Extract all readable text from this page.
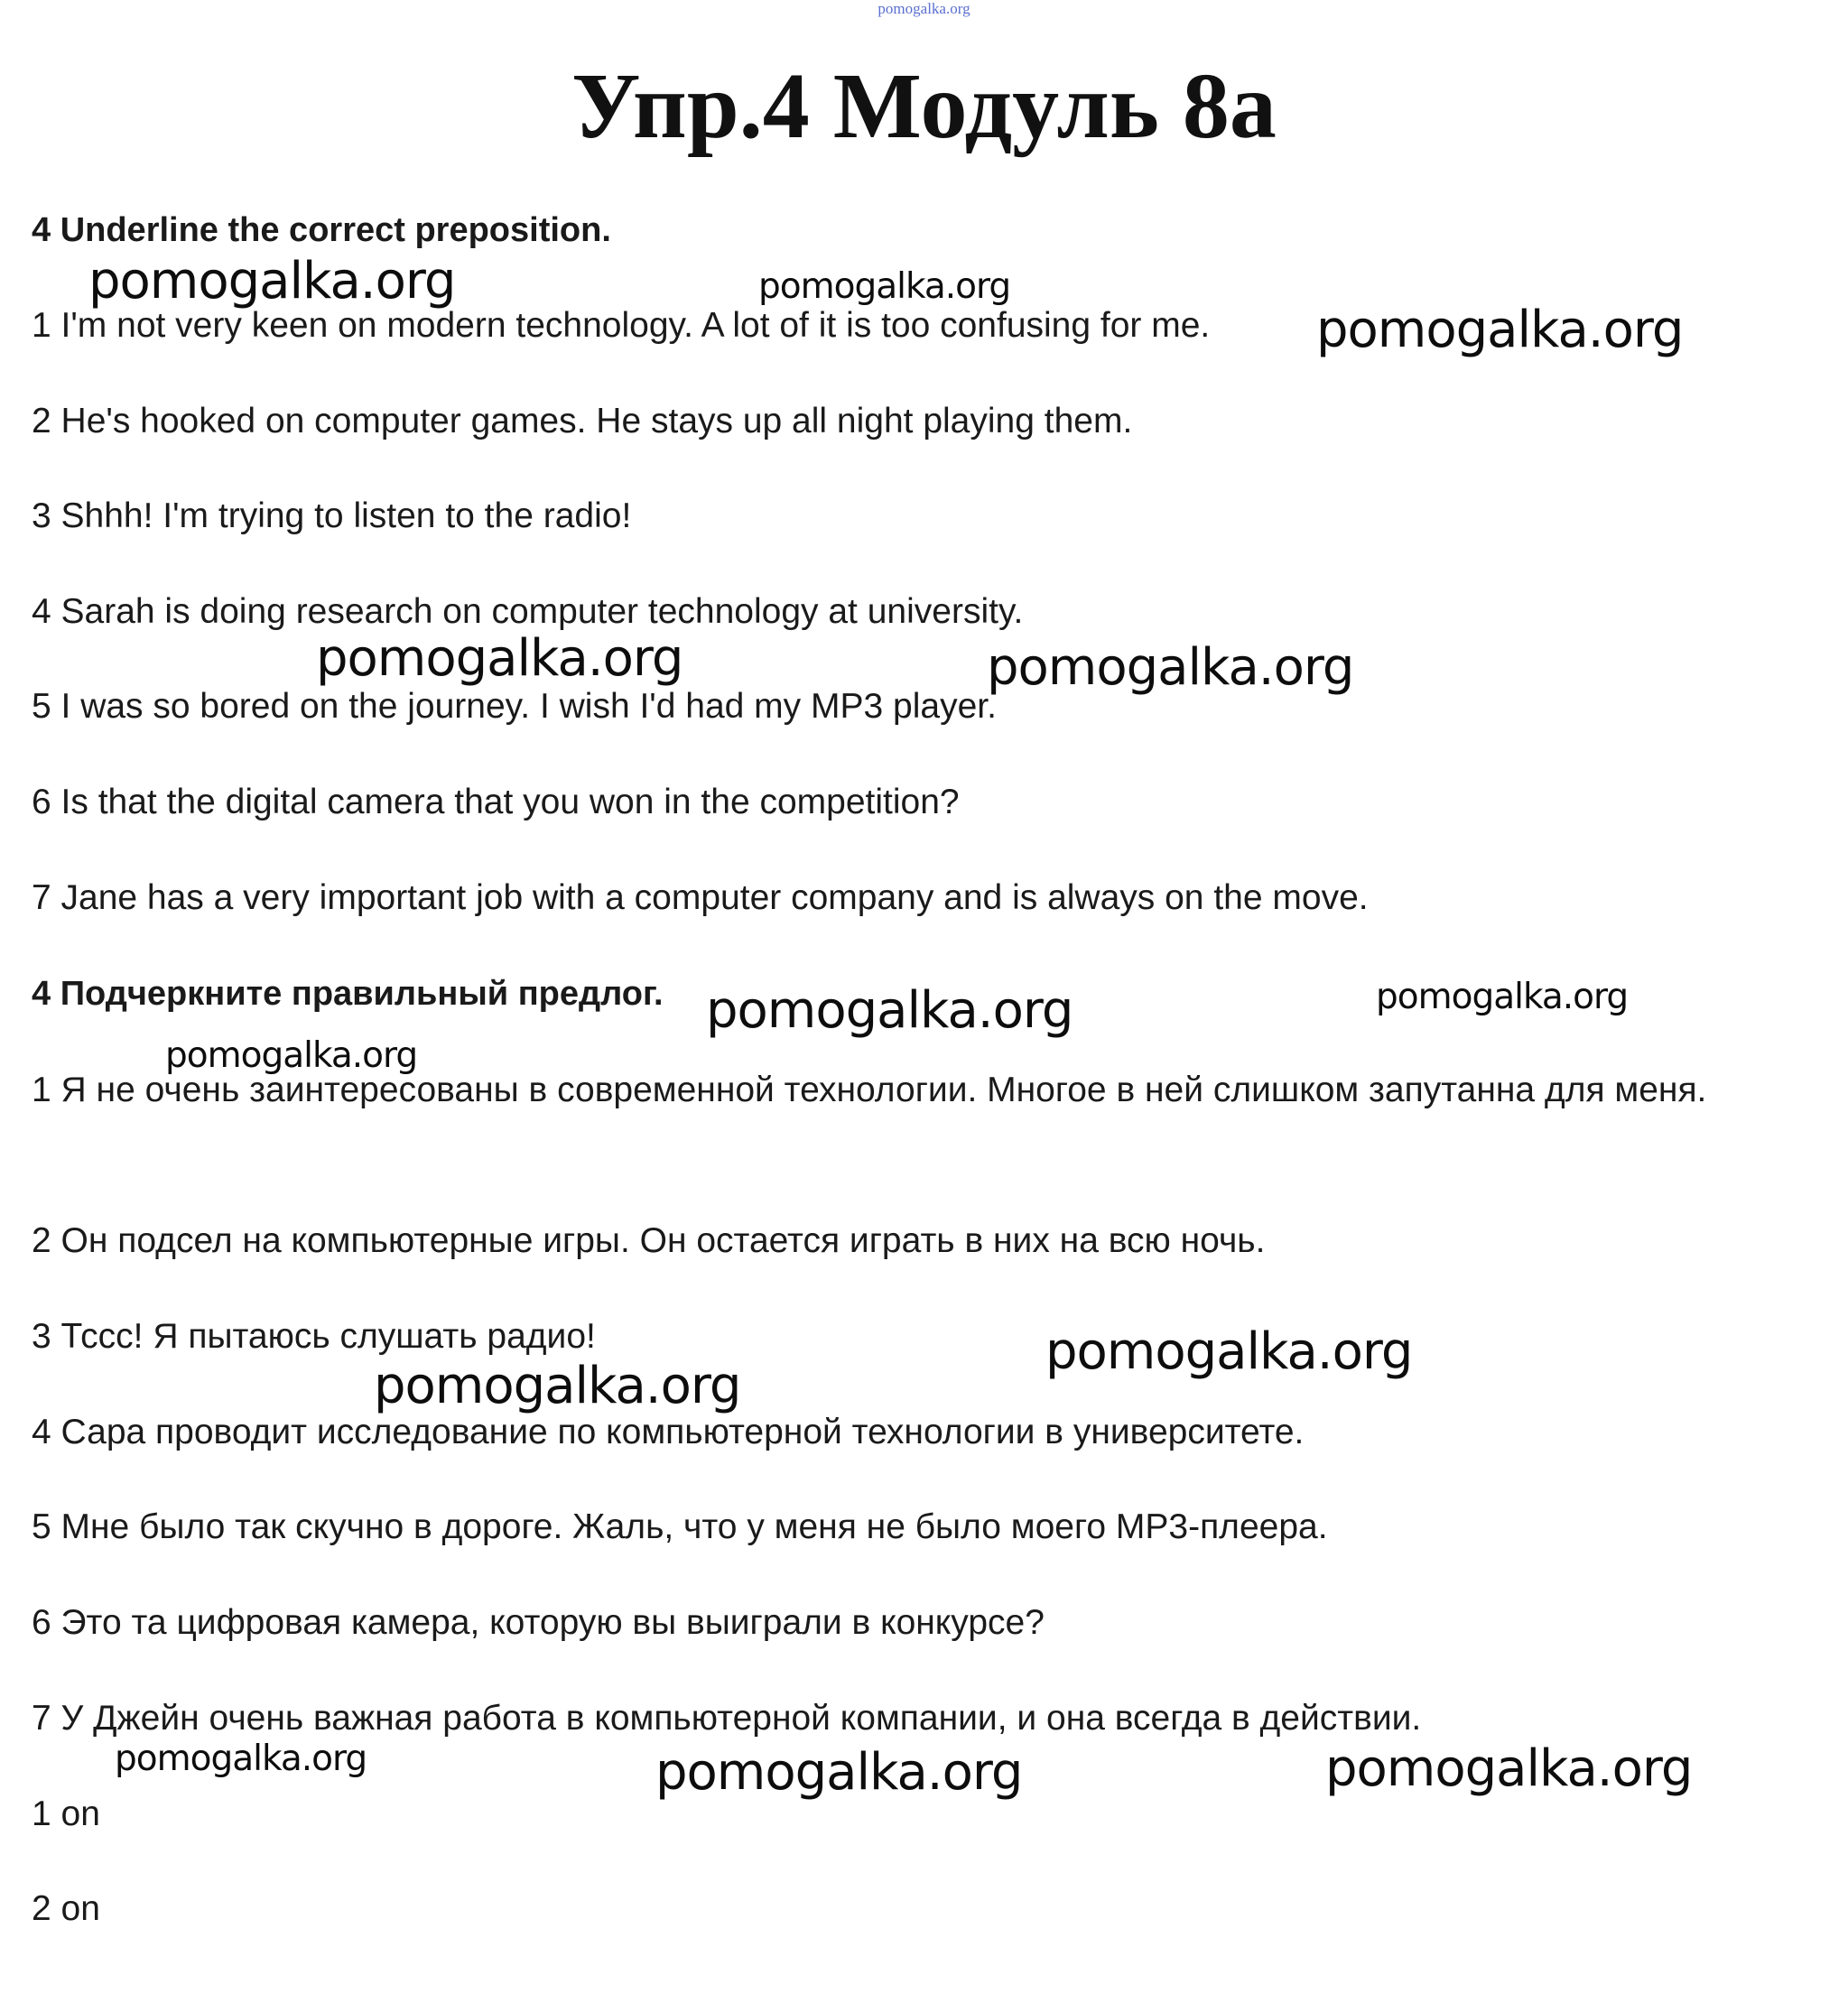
pomogalka.org
Упр.4 Модуль 8а
4 Underline the correct preposition.
1 I'm not very keen on modern technology. A lot of it is too confusing for me.
2 He's hooked on computer games. He stays up all night playing them.
3 Shhh! I'm trying to listen to the radio!
4 Sarah is doing research on computer technology at university.
5 I was so bored on the journey. I wish I'd had my MP3 player.
6 Is that the digital camera that you won in the competition?
7 Jane has a very important job with a computer company and is always on the move.
4 Подчеркните правильный предлог.
1 Я не очень заинтересованы в современной технологии. Многое в ней слишком запутанна для меня.
2 Он подсел на компьютерные игры. Он остается играть в них на всю ночь.
3 Тссс! Я пытаюсь слушать радио!
4 Сара проводит исследование по компьютерной технологии в университете.
5 Мне было так скучно в дороге. Жаль, что у меня не было моего MP3-плеера.
6 Это та цифровая камера, которую вы выиграли в конкурсе?
7 У Джейн очень важная работа в компьютерной компании, и она всегда в действии.
1 on
2 on
pomogalka.org	pomogalka.org
pomogalka.org
pomogalka.org	pomogalka.org
pomogalka.org	pomogalka.org
pomogalka.org
pomogalka.org
pomogalka.org
pomogalka.org	pomogalka.org	pomogalka.org
